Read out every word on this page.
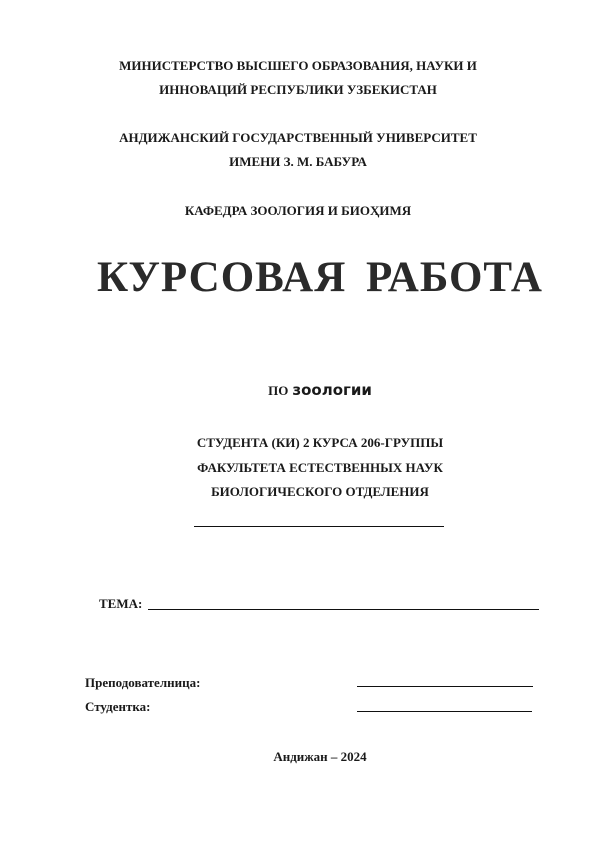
МИНИСТЕРСТВО ВЫСШЕГО ОБРАЗОВАНИЯ, НАУКИ И
ИННОВАЦИЙ РЕСПУБЛИКИ УЗБЕКИСТАН
АНДИЖАНСКИЙ ГОСУДАРСТВЕННЫЙ УНИВЕРСИТЕТ
ИМЕНИ З. М. БАБУРА
КАФЕДРА ЗООЛОГИЯ И БИОҲИМЯ
КУРСОВАЯ РАБОТА
ПО зоологии
СТУДЕНТА (КИ) 2 КУРСА 206-ГРУППЫ
ФАКУЛЬТЕТА ЕСТЕСТВЕННЫХ НАУК
БИОЛОГИЧЕСКОГО ОТДЕЛЕНИЯ
ТЕМА:
Преподователница:
Студентка:
Андижан – 2024
